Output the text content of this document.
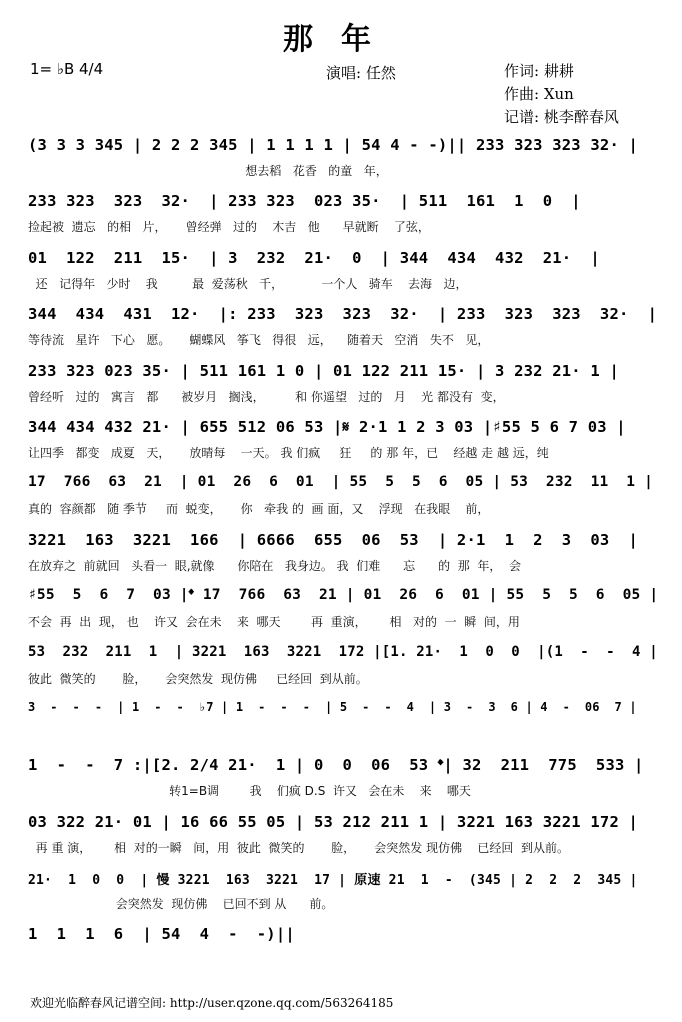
那年
1= ♭B 4/4	演唱: 任然	作词: 耕耕
作曲: Xun
记谱: 桃李醉春风
(3 3 3 345 | 2 2 2 345 | 1 1 1 1 | 54 4 - -)|| 233 323 323 32· |
想去稻   花香   的童   年，
233 323  323  32·  | 233 323  023 35·  | 511  161  1  0  |
捡起被  遗忘   的相   片，     曾经弹   过的    木吉   他      早就断    了弦，
01  122  211  15·  | 3  232  21·  0  | 344  434  432  21·  |
还   记得年   少时    我         最  爱荡秋   千，          一个人   骑车    去海   边，
344  434  431  12·  |: 233  323  323  32·  | 233  323  323  32·  |
等待流   星许   下心   愿。     蝴蝶风   筝飞   得很   远，    随着天   空消   失不   见，
233 323 023 35· | 511 161 1 0 | 01 122 211 15· | 3 232 21· 1 |
曾经听   过的   寓言   都      被岁月   搁浅，        和 你遥望   过的   月    光 都没有  变，
344 434 432 21· | 655 512 06 53 |𝄋 2·1 1 2 3 03 |♯55 5 6 7 03 |
让四季   都变   成夏   天，     放晴每    一天。 我 们疯     狂     的 那 年，已    经越 走 越 远，纯
17  766  63  21  | 01  26  6  01  | 55  5  5  6  05 | 53  232  11  1 |
真的  容颜都   随 季节     而  蜕变，     你   牵我 的  画 面，又    浮现   在我眼    前，
3221  163  3221  166  | 6666  655  06  53  | 2·1  1  2  3  03  |
在放弃之  前就回   头看一  眼,就像      你陪在   我身边。 我  们难      忘      的  那  年，  会
♯55  5  6  7  03 |𝄌 17  766  63  21 | 01  26  6  01 | 55  5  5  6  05 |
不会  再  出  现， 也    许又  会在未    来  哪天        再  重演，      相   对的  一  瞬  间，用
53  232  211  1  | 3221  163  3221  172 |[1. 21·  1  0  0  |(1  -  -  4 |
彼此  微笑的       脸，     会突然发  现仿佛     已经回  到从前。
3  -  -  -  | 1  -  -  ♭7 | 1  -  -  -  | 5  -  -  4  | 3  -  3  6 | 4  -  06  7 |
1  -  -  7 :|[2. 2/4 21·  1 | 0  0  06  53 𝄌| 32  211  775  533 |
转1=B调        我    们疯 D.S  许又   会在未    来    哪天
03 322 21· 01 | 16 66 55 05 | 53 212 211 1 | 3221 163 3221 172 |
再 重 演，      相  对的一瞬   间，用  彼此  微笑的       脸，     会突然发 现仿佛    已经回  到从前。
21·  1  0  0  | 慢 3221  163  3221  17 | 原速 21  1  -  (345 | 2  2  2  345 |
会突然发  现仿佛    已回不到 从      前。
1  1  1  6  | 54  4  -  -)||
欢迎光临醉春风记谱空间: http://user.qzone.qq.com/563264185
